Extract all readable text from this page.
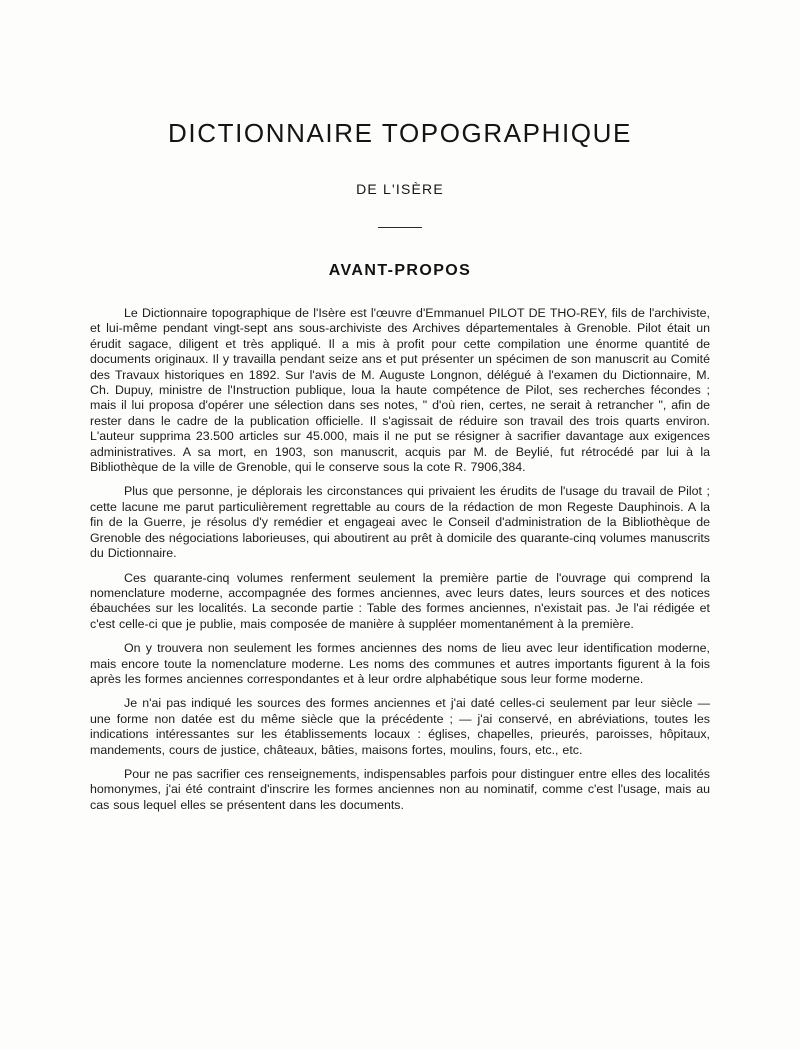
DICTIONNAIRE TOPOGRAPHIQUE
DE L'ISÈRE
AVANT-PROPOS

Le Dictionnaire topographique de l'Isère est l'œuvre d'Emmanuel PILOT DE THO-REY, fils de l'archiviste, et lui-même pendant vingt-sept ans sous-archiviste des Archives départementales à Grenoble. Pilot était un érudit sagace, diligent et très appliqué. Il a mis à profit pour cette compilation une énorme quantité de documents originaux. Il y travailla pendant seize ans et put présenter un spécimen de son manuscrit au Comité des Travaux historiques en 1892. Sur l'avis de M. Auguste Longnon, délégué à l'examen du Dictionnaire, M. Ch. Dupuy, ministre de l'Instruction publique, loua la haute compétence de Pilot, ses recherches fécondes ; mais il lui proposa d'opérer une sélection dans ses notes, " d'où rien, certes, ne serait à retrancher ", afin de rester dans le cadre de la publication officielle. Il s'agissait de réduire son travail des trois quarts environ. L'auteur supprima 23.500 articles sur 45.000, mais il ne put se résigner à sacrifier davantage aux exigences administratives. A sa mort, en 1903, son manuscrit, acquis par M. de Beylié, fut rétrocédé par lui à la Bibliothèque de la ville de Grenoble, qui le conserve sous la cote R. 7906,384.

Plus que personne, je déplorais les circonstances qui privaient les érudits de l'usage du travail de Pilot ; cette lacune me parut particulièrement regrettable au cours de la rédaction de mon Regeste Dauphinois. A la fin de la Guerre, je résolus d'y remédier et engageai avec le Conseil d'administration de la Bibliothèque de Grenoble des négociations laborieuses, qui aboutirent au prêt à domicile des quarante-cinq volumes manuscrits du Dictionnaire.

Ces quarante-cinq volumes renferment seulement la première partie de l'ouvrage qui comprend la nomenclature moderne, accompagnée des formes anciennes, avec leurs dates, leurs sources et des notices ébauchées sur les localités. La seconde partie : Table des formes anciennes, n'existait pas. Je l'ai rédigée et c'est celle-ci que je publie, mais composée de manière à suppléer momentanément à la première.

On y trouvera non seulement les formes anciennes des noms de lieu avec leur identification moderne, mais encore toute la nomenclature moderne. Les noms des communes et autres importants figurent à la fois après les formes anciennes correspondantes et à leur ordre alphabétique sous leur forme moderne.

Je n'ai pas indiqué les sources des formes anciennes et j'ai daté celles-ci seulement par leur siècle — une forme non datée est du même siècle que la précédente ; — j'ai conservé, en abréviations, toutes les indications intéressantes sur les établissements locaux : églises, chapelles, prieurés, paroisses, hôpitaux, mandements, cours de justice, châteaux, bâties, maisons fortes, moulins, fours, etc., etc.

Pour ne pas sacrifier ces renseignements, indispensables parfois pour distinguer entre elles des localités homonymes, j'ai été contraint d'inscrire les formes anciennes non au nominatif, comme c'est l'usage, mais au cas sous lequel elles se présentent dans les documents.
